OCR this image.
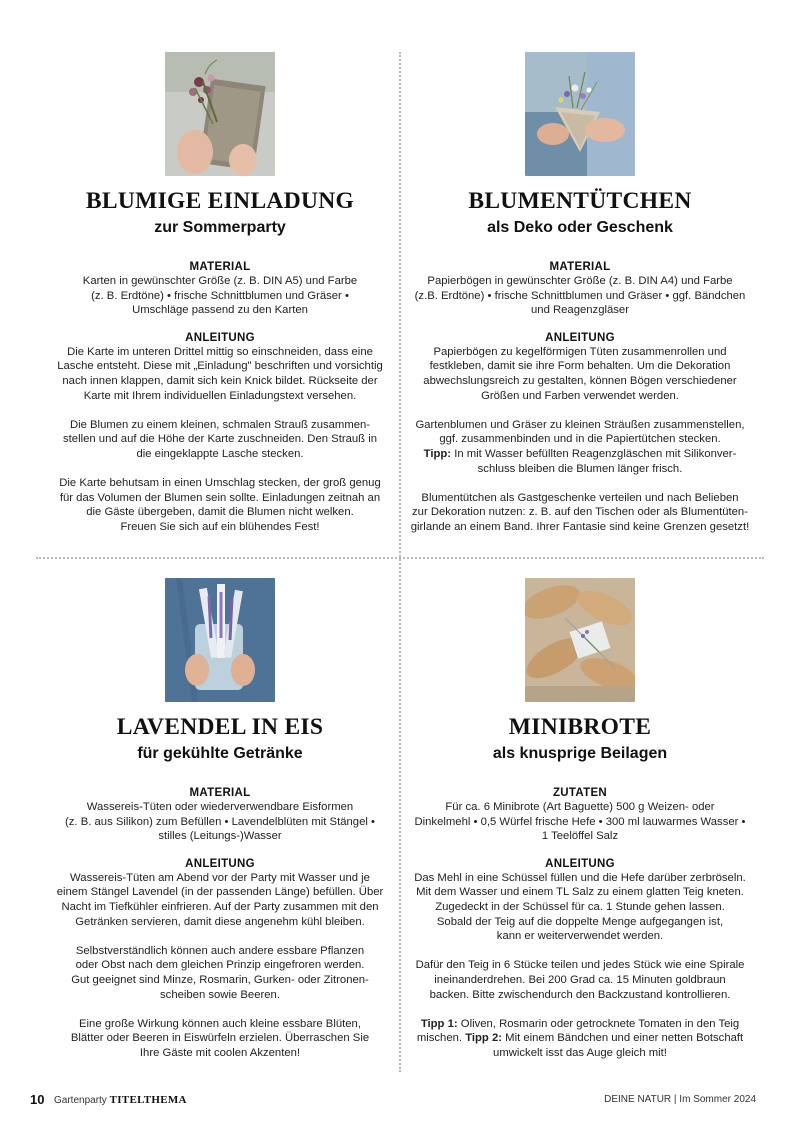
BLUMIGE EINLADUNG
zur Sommerparty
MATERIAL
Karten in gewünschter Größe (z. B. DIN A5) und Farbe
(z. B. Erdtöne) • frische Schnittblumen und Gräser •
Umschläge passend zu den Karten
ANLEITUNG
Die Karte im unteren Drittel mittig so einschneiden, dass eine
Lasche entsteht. Diese mit „Einladung" beschriften und vorsichtig
nach innen klappen, damit sich kein Knick bildet. Rückseite der
Karte mit Ihrem individuellen Einladungstext versehen.
Die Blumen zu einem kleinen, schmalen Strauß zusammen-
stellen und auf die Höhe der Karte zuschneiden. Den Strauß in
die eingeklappte Lasche stecken.
Die Karte behutsam in einen Umschlag stecken, der groß genug
für das Volumen der Blumen sein sollte. Einladungen zeitnah an
die Gäste übergeben, damit die Blumen nicht welken.
Freuen Sie sich auf ein blühendes Fest!
BLUMENTÜTCHEN
als Deko oder Geschenk
MATERIAL
Papierbögen in gewünschter Größe (z. B. DIN A4) und Farbe
(z.B. Erdtöne) • frische Schnittblumen und Gräser • ggf. Bändchen
und Reagenzgläser
ANLEITUNG
Papierbögen zu kegelförmigen Tüten zusammenrollen und
festkleben, damit sie ihre Form behalten. Um die Dekoration
abwechslungsreich zu gestalten, können Bögen verschiedener
Größen und Farben verwendet werden.
Gartenblumen und Gräser zu kleinen Sträußen zusammenstellen,
ggf. zusammenbinden und in die Papiertütchen stecken.
Tipp: In mit Wasser befüllten Reagenzgläschen mit Silikonver-
schluss bleiben die Blumen länger frisch.
Blumentütchen als Gastgeschenke verteilen und nach Belieben
zur Dekoration nutzen: z. B. auf den Tischen oder als Blumentüten-
girlande an einem Band. Ihrer Fantasie sind keine Grenzen gesetzt!
LAVENDEL IN EIS
für gekühlte Getränke
MATERIAL
Wassereis-Tüten oder wiederverwendbare Eisformen
(z. B. aus Silikon) zum Befüllen • Lavendelblüten mit Stängel •
stilles (Leitungs-)Wasser
ANLEITUNG
Wassereis-Tüten am Abend vor der Party mit Wasser und je
einem Stängel Lavendel (in der passenden Länge) befüllen. Über
Nacht im Tiefkühler einfrieren. Auf der Party zusammen mit den
Getränken servieren, damit diese angenehm kühl bleiben.
Selbstverständlich können auch andere essbare Pflanzen
oder Obst nach dem gleichen Prinzip eingefroren werden.
Gut geeignet sind Minze, Rosmarin, Gurken- oder Zitronen-
scheiben sowie Beeren.
Eine große Wirkung können auch kleine essbare Blüten,
Blätter oder Beeren in Eiswürfeln erzielen. Überraschen Sie
Ihre Gäste mit coolen Akzenten!
MINIBROTE
als knusprige Beilagen
ZUTATEN
Für ca. 6 Minibrote (Art Baguette) 500 g Weizen- oder
Dinkelmehl • 0,5 Würfel frische Hefe • 300 ml lauwarmes Wasser •
1 Teelöffel Salz
ANLEITUNG
Das Mehl in eine Schüssel füllen und die Hefe darüber zerbröseln.
Mit dem Wasser und einem TL Salz zu einem glatten Teig kneten.
Zugedeckt in der Schüssel für ca. 1 Stunde gehen lassen.
Sobald der Teig auf die doppelte Menge aufgegangen ist,
kann er weiterverwendet werden.
Dafür den Teig in 6 Stücke teilen und jedes Stück wie eine Spirale
ineinanderdrehen. Bei 200 Grad ca. 15 Minuten goldbraun
backen. Bitte zwischendurch den Backzustand kontrollieren.
Tipp 1: Oliven, Rosmarin oder getrocknete Tomaten in den Teig
mischen. Tipp 2: Mit einem Bändchen und einer netten Botschaft
umwickelt isst das Auge gleich mit!
10 Gartenparty TITELTHEMA	DEINE NATUR | Im Sommer 2024
